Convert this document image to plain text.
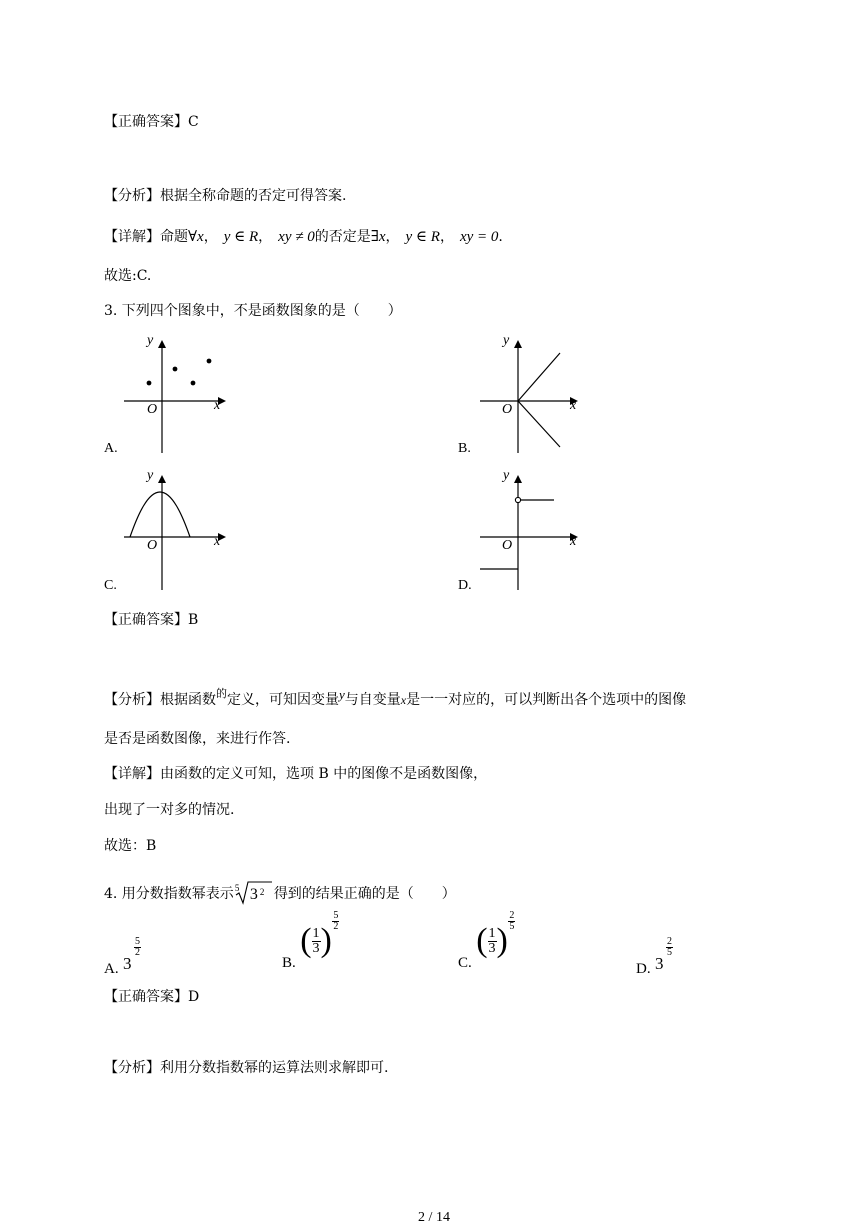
【正确答案】C
【分析】根据全称命题的否定可得答案.
【详解】命题∀x， y ∈ R， xy ≠ 0的否定是∃x， y ∈ R， xy = 0.
故选:C.
3. 下列四个图象中，不是函数图象的是（　　）
y
x
O
A.
y
x
O
B.
y
x
O
C.
y
x
O
D.
【正确答案】B
【分析】根据函数$^的$定义，可知因变量y与自变量x是一一对应的，可以判断出各个选项中的图像
是否是函数图像，来进行作答.
【详解】由函数的定义可知，选项 B 中的图像不是函数图像，
出现了一对多的情况.
故选：B
4. 用分数指数幂表示 5 3 2 得到的结果正确的是（　　）
A. 3
$\frac{5}{2}$
B. ( $\frac{1}{3}$ )
$\frac{5}{2}$
C. ( $\frac{1}{3}$ )
$\frac{2}{5}$
D. 3
$\frac{2}{5}$
【正确答案】D
【分析】利用分数指数幂的运算法则求解即可.
2 / 14
